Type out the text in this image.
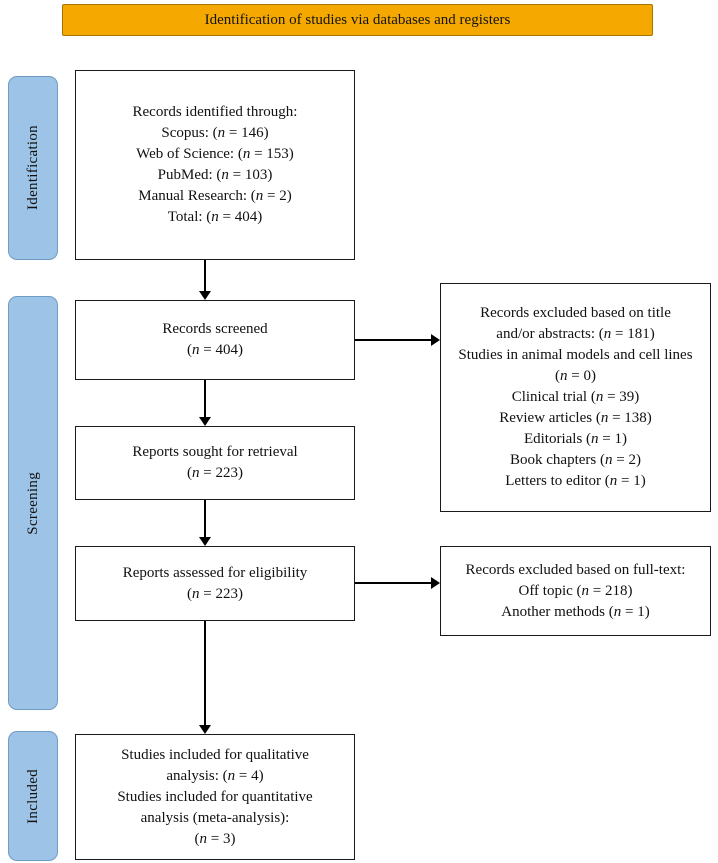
Identification of studies via databases and registers
Identification
Screening
Included
Records identified through:
Scopus: (n = 146)
Web of Science: (n = 153)
PubMed: (n = 103)
Manual Research: (n = 2)
Total: (n = 404)
Records screened
(n = 404)
Reports sought for retrieval
(n = 223)
Reports assessed for eligibility
(n = 223)
Studies included for qualitative
analysis: (n = 4)
Studies included for quantitative
analysis (meta-analysis):
(n = 3)
Records excluded based on title
and/or abstracts: (n = 181)
Studies in animal models and cell lines
(n = 0)
Clinical trial (n = 39)
Review articles (n = 138)
Editorials (n = 1)
Book chapters (n = 2)
Letters to editor (n = 1)
Records excluded based on full-text:
Off topic (n = 218)
Another methods (n = 1)
